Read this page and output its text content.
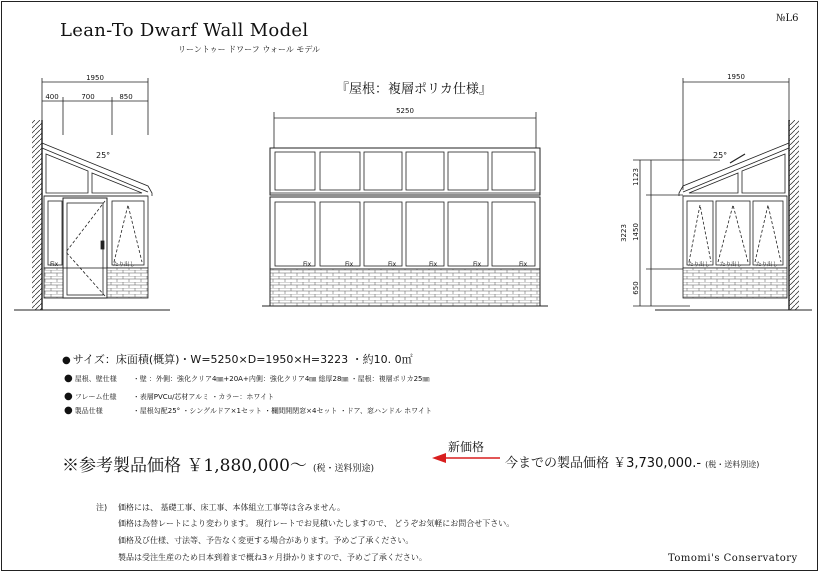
Lean-To Dwarf Wall Model
リーントゥー ドワーフ ウォール モデル
№L6
『屋根：複層ポリカ仕様』
1950
400	700	850
Fix	たり出し
25°
5250
Fix	Fix	Fix	Fix	Fix	Fix
1950
3223
1123
1450
650
たり出し たり出し	たり出し
25°
● サイズ：床面積(概算)・W=5250×D=1950×H=3223 ・約10. 0㎡
● 屋根、壁仕様 ・壁 ：外側：強化クリア4㎜+20A+内側：強化クリア4㎜ 総厚28㎜ ・屋根：複層ポリカ25㎜
● フレーム仕様 ・表層PVCu/芯材アルミ ・カラー：ホワイト
● 製品仕様	・屋根勾配25° ・シングルドア×1セット ・欄間開閉窓×4セット ・ドア、窓ハンドル ホワイト
※参考製品価格 ￥1,880,000～ (税・送料別途)
新価格
今までの製品価格 ￥3,730,000.- (税・送料別途)
注) 価格には、 基礎工事、床工事、本体組立工事等は含みません。
価格は為替レートにより変わります。 現行レートでお見積いたしますので、 どうぞお気軽にお問合せ下さい。
価格及び仕様、寸法等、予告なく変更する場合があります。予めご了承ください。
製品は受注生産のため日本到着まで概ね3ヶ月掛かりますので、予めご了承ください。	Tomomi's Conservatory
